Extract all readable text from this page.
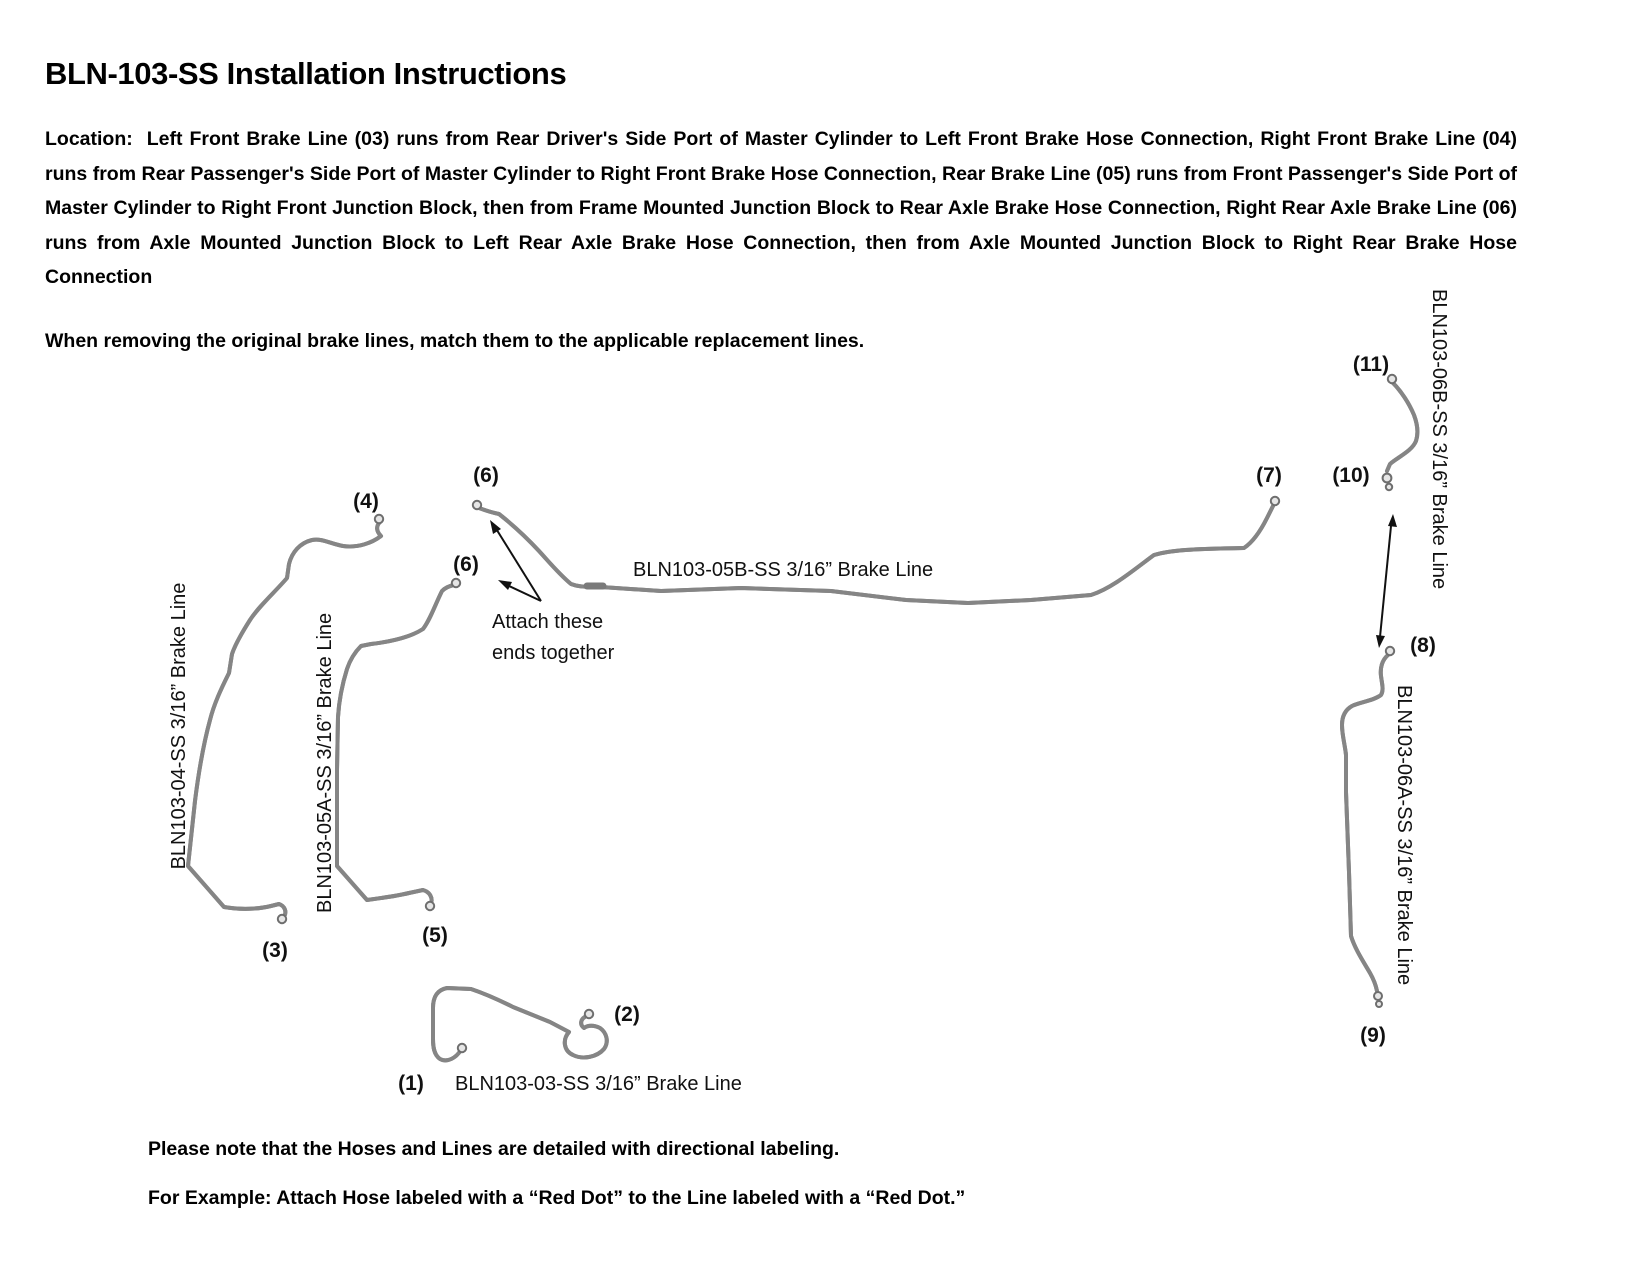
BLN-103-SS Installation Instructions
Location:  Left Front Brake Line (03) runs from Rear Driver's Side Port of Master Cylinder to Left Front Brake Hose Connection, Right Front Brake Line (04) runs from Rear Passenger's Side Port of Master Cylinder to Right Front Brake Hose Connection, Rear Brake Line (05) runs from Front Passenger's Side Port of Master Cylinder to Right Front Junction Block, then from Frame Mounted Junction Block to Rear Axle Brake Hose Connection, Right Rear Axle Brake Line (06) runs from Axle Mounted Junction Block to Left Rear Axle Brake Hose Connection, then from Axle Mounted Junction Block to Right Rear Brake Hose Connection
When removing the original brake lines, match them to the applicable replacement lines.
(1)
(2)
(3)
(4)
(5)
(6)
(6)
(7)
(8)
(9)
(10)
(11)
BLN103-05B-SS 3/16” Brake Line
BLN103-03-SS 3/16” Brake Line
Attach these
ends together
BLN103-04-SS 3/16” Brake Line	BLN103-05A-SS 3/16” Brake Line
BLN103-06B-SS 3/16” Brake Line
BLN103-06A-SS 3/16” Brake Line
Please note that the Hoses and Lines are detailed with directional labeling.
For Example: Attach Hose labeled with a “Red Dot” to the Line labeled with a “Red Dot.”
